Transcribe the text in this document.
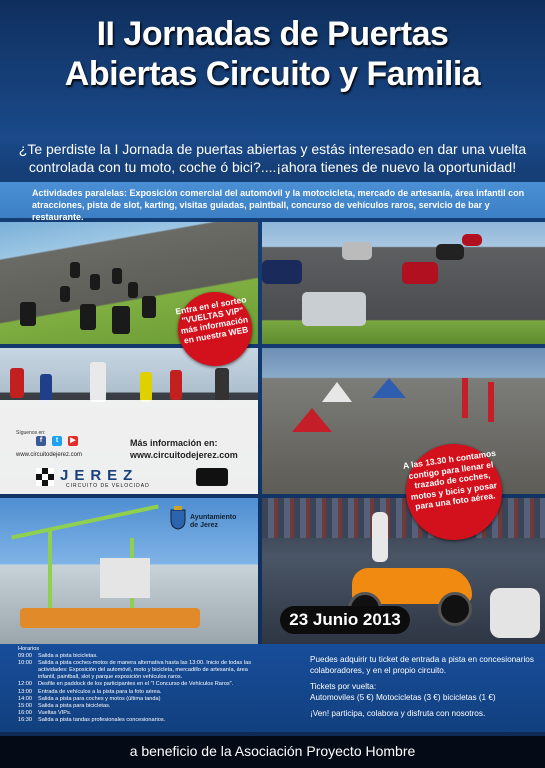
II Jornadas de Puertas
Abiertas Circuito y Familia
¿Te perdiste la I Jornada de puertas abiertas y estás interesado en dar una vuelta controlada con tu moto, coche ó bici?....¡ahora tienes de nuevo la oportunidad!

Actividades paralelas: Exposición comercial del automóvil y la motocicleta, mercado de artesanía, área infantil con atracciones, pista de slot, karting, visitas guiadas, paintball, concurso de vehículos raros, servicio de bar y restaurante.

Síguenos en:
f	t	▶
www.circuitodejerez.com
Más información en:
www.circuitodejerez.com
JEREZ
CIRCUITO DE VELOCIDAD
Ayuntamiento
de Jerez
Entra en el sorteo "VUELTAS VIP" más información en nuestra WEB
A las 13.30 h contamos contigo para llenar el trazado de coches, motos y bicis y posar para una foto aérea.
23 Junio 2013
Horarios
09:00	Salida a pista bicicletas.
10:00	Salida a pista coches-motos de manera alternativa hasta las 13:00. Inicio de todas las
actividades: Exposición del automóvil, moto y bicicleta, mercadillo de artesanía, área
infantil, paintball, slot y parque exposición vehículos raros.
12:00	Desfile en paddock de los participantes en el "I Concurso de Vehículos Raros".
13:00	Entrada de vehículos a la pista para la foto aérea.
14:00	Salida a pista para coches y motos (última tanda)
15:00	Salida a pista para bicicletas.
16:00	Vueltas VIPs.
16:30	Salida a pista tandas profesionales concesionarios.

Puedes adquirir tu ticket de entrada a pista en concesionarios colaboradores, y en el propio circuito.

Tickets por vuelta:

Automoviles (5 €) Motocicletas (3 €) bicicletas (1 €)

¡Ven! participa, colabora y disfruta con nosotros.

a beneficio de la Asociación Proyecto Hombre
